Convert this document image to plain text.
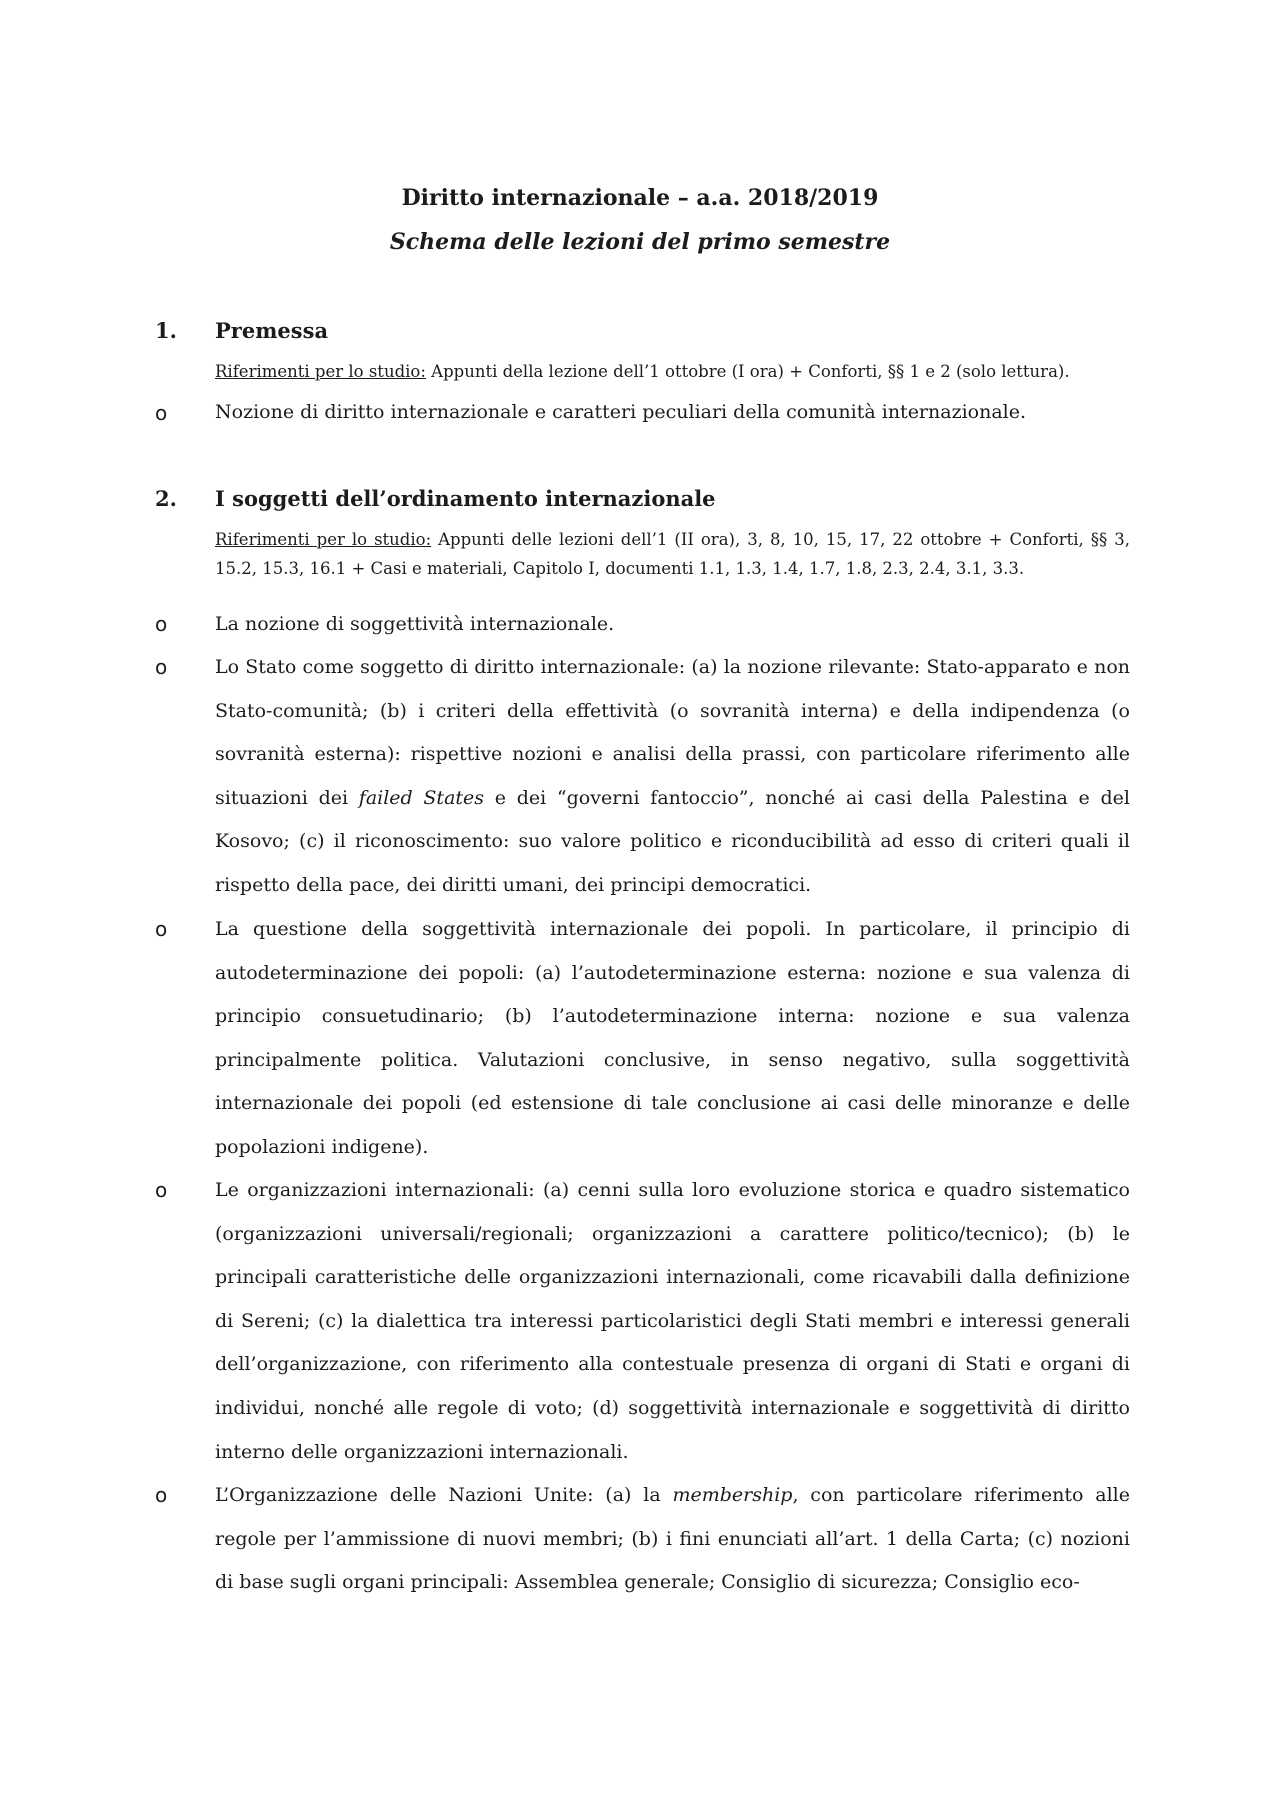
Diritto internazionale – a.a. 2018/2019
Schema delle lezioni del primo semestre
1. Premessa
Riferimenti per lo studio: Appunti della lezione dell’1 ottobre (I ora) + Conforti, §§ 1 e 2 (solo lettura).
o	Nozione di diritto internazionale e caratteri peculiari della comunità internazionale.
2. I soggetti dell’ordinamento internazionale
Riferimenti per lo studio: Appunti delle lezioni dell’1 (II ora), 3, 8, 10, 15, 17, 22 ottobre + Conforti, §§ 3, 15.2, 15.3, 16.1 + Casi e materiali, Capitolo I, documenti 1.1, 1.3, 1.4, 1.7, 1.8, 2.3, 2.4, 3.1, 3.3.
o	La nozione di soggettività internazionale.
o	Lo Stato come soggetto di diritto internazionale: (a) la nozione rilevante: Stato-apparato e non Stato-comunità; (b) i criteri della effettività (o sovranità interna) e della indipendenza (o sovranità esterna): rispettive nozioni e analisi della prassi, con particolare riferimento alle situazioni dei failed States e dei “governi fantoccio”, nonché ai casi della Palestina e del Kosovo; (c) il riconoscimento: suo valore politico e riconducibilità ad esso di criteri quali il rispetto della pace, dei diritti umani, dei principi democratici.
o	La questione della soggettività internazionale dei popoli. In particolare, il principio di autodeterminazione dei popoli: (a) l’autodeterminazione esterna: nozione e sua valenza di principio consuetudinario; (b) l’autodeterminazione interna: nozione e sua valenza principalmente politica. Valutazioni conclusive, in senso negativo, sulla soggettività internazionale dei popoli (ed estensione di tale conclusione ai casi delle minoranze e delle popolazioni indigene).
o	Le organizzazioni internazionali: (a) cenni sulla loro evoluzione storica e quadro sistematico (organizzazioni universali/regionali; organizzazioni a carattere politico/tecnico); (b) le principali caratteristiche delle organizzazioni internazionali, come ricavabili dalla definizione di Sereni; (c) la dialettica tra interessi particolaristici degli Stati membri e interessi generali dell’organizzazione, con riferimento alla contestuale presenza di organi di Stati e organi di individui, nonché alle regole di voto; (d) soggettività internazionale e soggettività di diritto interno delle organizzazioni internazionali.
o	L’Organizzazione delle Nazioni Unite: (a) la membership, con particolare riferimento alle regole per l’ammissione di nuovi membri; (b) i fini enunciati all’art. 1 della Carta; (c) nozioni di base sugli organi principali: Assemblea generale; Consiglio di sicurezza; Consiglio eco-
